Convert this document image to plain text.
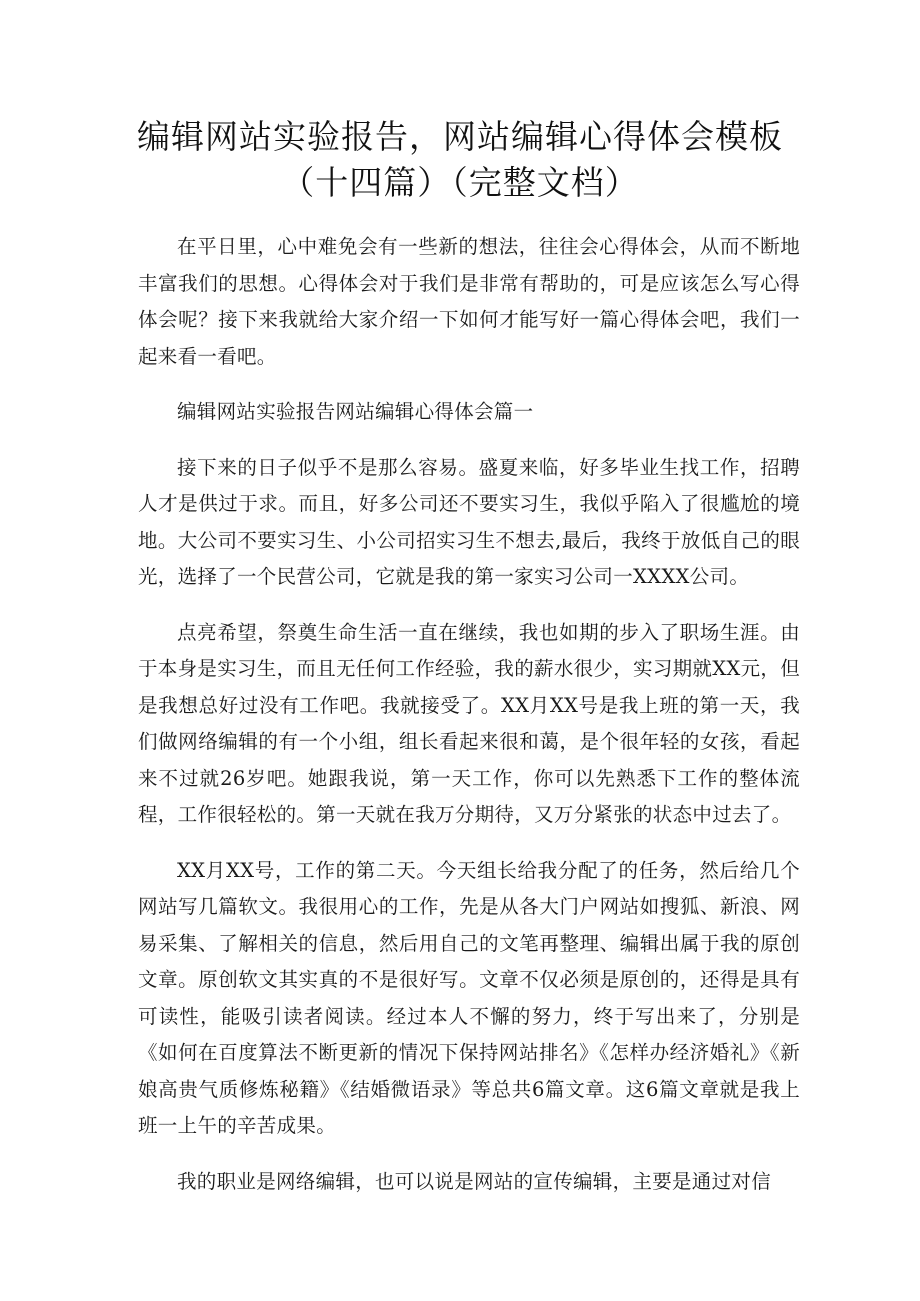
编辑网站实验报告，网站编辑心得体会模板
（十四篇）（完整文档）

在平日里，心中难免会有一些新的想法，往往会心得体会，从而不断地丰富我们的思想。心得体会对于我们是非常有帮助的，可是应该怎么写心得体会呢？接下来我就给大家介绍一下如何才能写好一篇心得体会吧，我们一起来看一看吧。

编辑网站实验报告网站编辑心得体会篇一

接下来的日子似乎不是那么容易。盛夏来临，好多毕业生找工作，招聘人才是供过于求。而且，好多公司还不要实习生，我似乎陷入了很尴尬的境地。大公司不要实习生、小公司招实习生不想去,最后，我终于放低自己的眼光，选择了一个民营公司，它就是我的第一家实习公司一XXXX公司。

点亮希望，祭奠生命生活一直在继续，我也如期的步入了职场生涯。由于本身是实习生，而且无任何工作经验，我的薪水很少，实习期就XX元，但是我想总好过没有工作吧。我就接受了。XX月XX号是我上班的第一天，我们做网络编辑的有一个小组，组长看起来很和蔼，是个很年轻的女孩，看起来不过就26岁吧。她跟我说，第一天工作，你可以先熟悉下工作的整体流程，工作很轻松的。第一天就在我万分期待，又万分紧张的状态中过去了。

XX月XX号，工作的第二天。今天组长给我分配了的任务，然后给几个网站写几篇软文。我很用心的工作，先是从各大门户网站如搜狐、新浪、网易采集、了解相关的信息，然后用自己的文笔再整理、编辑出属于我的原创文章。原创软文其实真的不是很好写。文章不仅必须是原创的，还得是具有可读性，能吸引读者阅读。经过本人不懈的努力，终于写出来了，分别是《如何在百度算法不断更新的情况下保持网站排名》《怎样办经济婚礼》《新娘高贵气质修炼秘籍》《结婚微语录》等总共6篇文章。这6篇文章就是我上班一上午的辛苦成果。

我的职业是网络编辑，也可以说是网站的宣传编辑，主要是通过对信
